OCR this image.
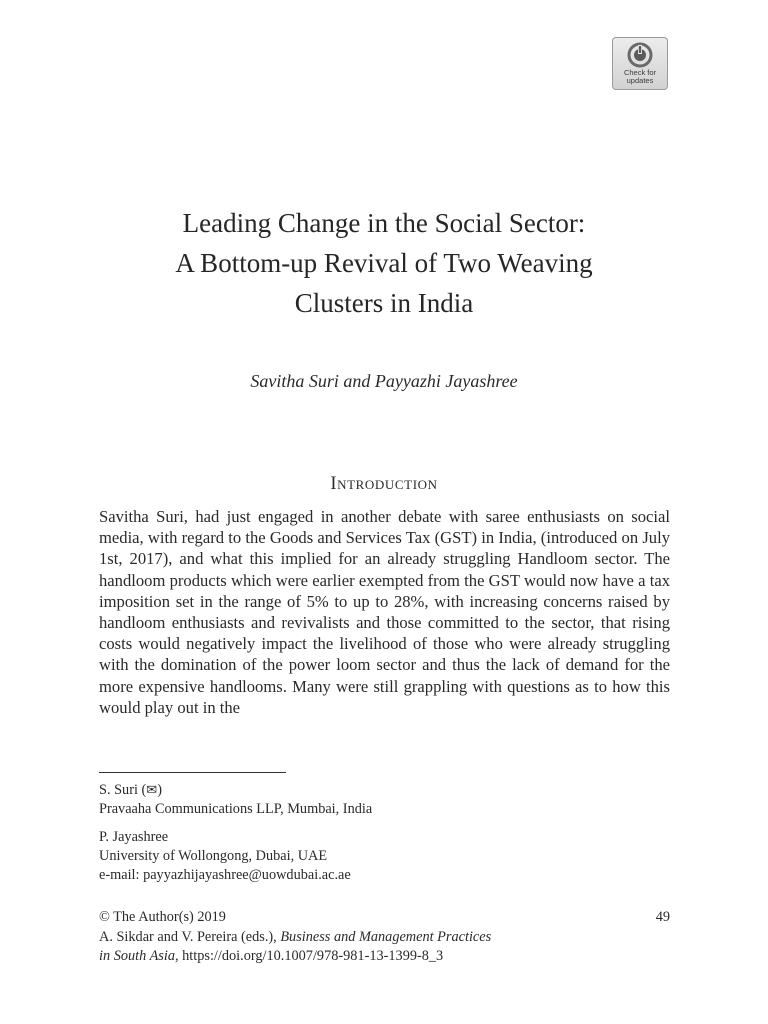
Check for
updates
Leading Change in the Social Sector:
A Bottom-up Revival of Two Weaving
Clusters in India
Savitha Suri and Payyazhi Jayashree
Introduction

Savitha Suri, had just engaged in another debate with saree enthusiasts on social media, with regard to the Goods and Services Tax (GST) in India, (introduced on July 1st, 2017), and what this implied for an already struggling Handloom sector. The handloom products which were earlier exempted from the GST would now have a tax imposition set in the range of 5% to up to 28%, with increasing concerns raised by handloom enthusiasts and revivalists and those committed to the sector, that rising costs would negatively impact the livelihood of those who were already struggling with the domination of the power loom sector and thus the lack of demand for the more expensive handlooms. Many were still grappling with questions as to how this would play out in the

S. Suri (✉)
Pravaaha Communications LLP, Mumbai, India
P. Jayashree
University of Wollongong, Dubai, UAE
e-mail: payyazhijayashree@uowdubai.ac.ae
© The Author(s) 2019	49
A. Sikdar and V. Pereira (eds.), Business and Management Practices
in South Asia, https://doi.org/10.1007/978-981-13-1399-8_3
